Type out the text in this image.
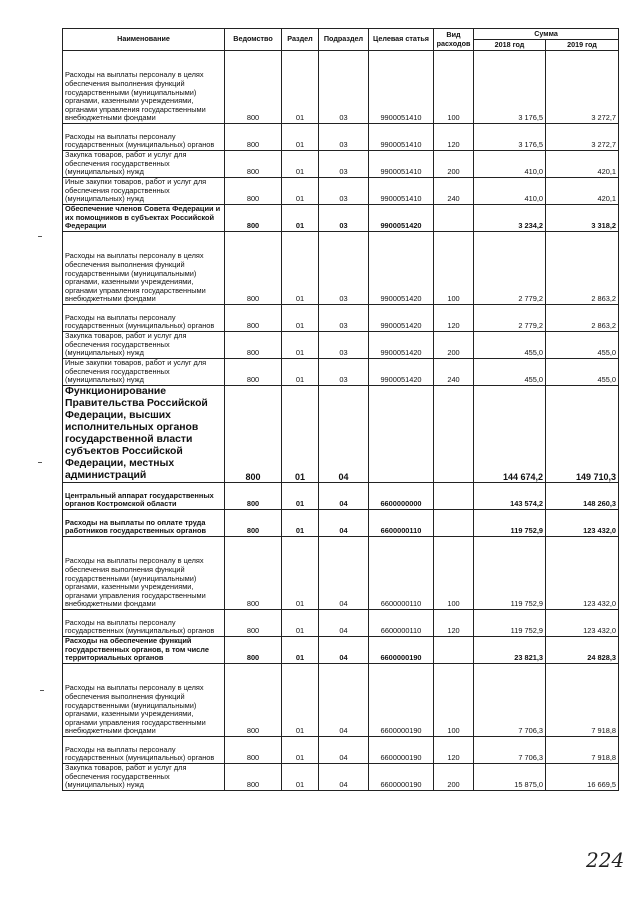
Наименование	Ведомство	Раздел	Подраздел	Целевая статья	Вид расходов	Сумма	
						2018 год	2019 год
Расходы на выплаты персоналу в целях обеспечения выполнения функций государственными (муниципальными) органами, казенными учреждениями, органами управления государственными внебюджетными фондами	800	01	03	9900051410	100	3 176,5	3 272,7
Расходы на выплаты персоналу государственных (муниципальных) органов	800	01	03	9900051410	120	3 176,5	3 272,7
Закупка товаров, работ и услуг для обеспечения государственных (муниципальных) нужд	800	01	03	9900051410	200	410,0	420,1
Иные закупки товаров, работ и услуг для обеспечения государственных (муниципальных) нужд	800	01	03	9900051410	240	410,0	420,1
Обеспечение членов Совета Федерации и их помощников в субъектах Российской Федерации	800	01	03	9900051420		3 234,2	3 318,2
Расходы на выплаты персоналу в целях обеспечения выполнения функций государственными (муниципальными) органами, казенными учреждениями, органами управления государственными внебюджетными фондами	800	01	03	9900051420	100	2 779,2	2 863,2
Расходы на выплаты персоналу государственных (муниципальных) органов	800	01	03	9900051420	120	2 779,2	2 863,2
Закупка товаров, работ и услуг для обеспечения государственных (муниципальных) нужд	800	01	03	9900051420	200	455,0	455,0
Иные закупки товаров, работ и услуг для обеспечения государственных (муниципальных) нужд	800	01	03	9900051420	240	455,0	455,0
Функционирование Правительства Российской Федерации, высших исполнительных органов государственной власти субъектов Российской Федерации, местных администраций	800	01	04			144 674,2	149 710,3
Центральный аппарат государственных органов Костромской области	800	01	04	6600000000		143 574,2	148 260,3
Расходы на выплаты по оплате труда работников государственных органов	800	01	04	6600000110		119 752,9	123 432,0
Расходы на выплаты персоналу в целях обеспечения выполнения функций государственными (муниципальными) органами, казенными учреждениями, органами управления государственными внебюджетными фондами	800	01	04	6600000110	100	119 752,9	123 432,0
Расходы на выплаты персоналу государственных (муниципальных) органов	800	01	04	6600000110	120	119 752,9	123 432,0
Расходы на обеспечение функций государственных органов, в том числе территориальных органов	800	01	04	6600000190		23 821,3	24 828,3
Расходы на выплаты персоналу в целях обеспечения выполнения функций государственными (муниципальными) органами, казенными учреждениями, органами управления государственными внебюджетными фондами	800	01	04	6600000190	100	7 706,3	7 918,8
Расходы на выплаты персоналу государственных (муниципальных) органов	800	01	04	6600000190	120	7 706,3	7 918,8
Закупка товаров, работ и услуг для обеспечения государственных (муниципальных) нужд	800	01	04	6600000190	200	15 875,0	16 669,5
224
